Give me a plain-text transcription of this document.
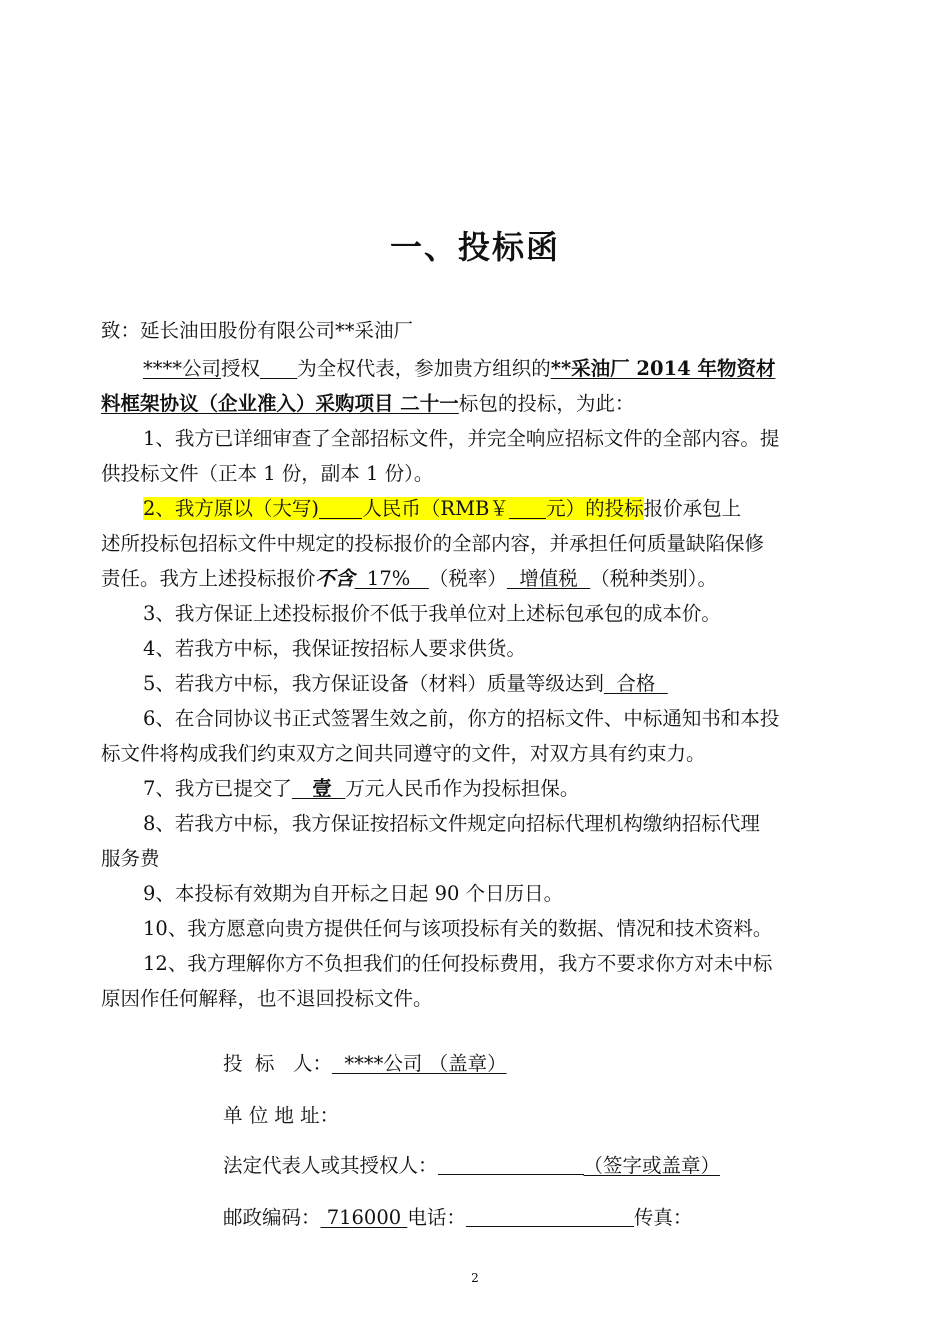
一、投标函
致：延长油田股份有限公司**采油厂
****公司授权 为全权代表，参加贵方组织的**采油厂 2014 年物资材
料框架协议（企业准入）采购项目 二十一标包的投标，为此：
1、我方已详细审查了全部招标文件，并完全响应招标文件的全部内容。提
供投标文件（正本 1 份，副本 1 份）。
2、我方原以（大写) 人民币（RMB￥ 元）的投标报价承包上
述所投标包招标文件中规定的投标报价的全部内容，并承担任何质量缺陷保修
责任。我方上述投标报价不含  17%   （税率）  增值税  （税种类别）。
3、我方保证上述投标报价不低于我单位对上述标包承包的成本价。
4、若我方中标，我保证按招标人要求供货。
5、若我方中标，我方保证设备（材料）质量等级达到  合格
6、在合同协议书正式签署生效之前，你方的招标文件、中标通知书和本投
标文件将构成我们约束双方之间共同遵守的文件，对双方具有约束力。
7、我方已提交了   壹  万元人民币作为投标担保。
8、若我方中标，我方保证按招标文件规定向招标代理机构缴纳招标代理
服务费
9、本投标有效期为自开标之日起 90 个日历日。
10、我方愿意向贵方提供任何与该项投标有关的数据、情况和技术资料。
12、我方理解你方不负担我们的任何投标费用，我方不要求你方对未中标
原因作任何解释，也不退回投标文件。
投  标   人：  ****公司 （盖章）
单 位 地 址：
法定代表人或其授权人：	（签字或盖章）
邮政编码： 716000 电话：	传真：
2
